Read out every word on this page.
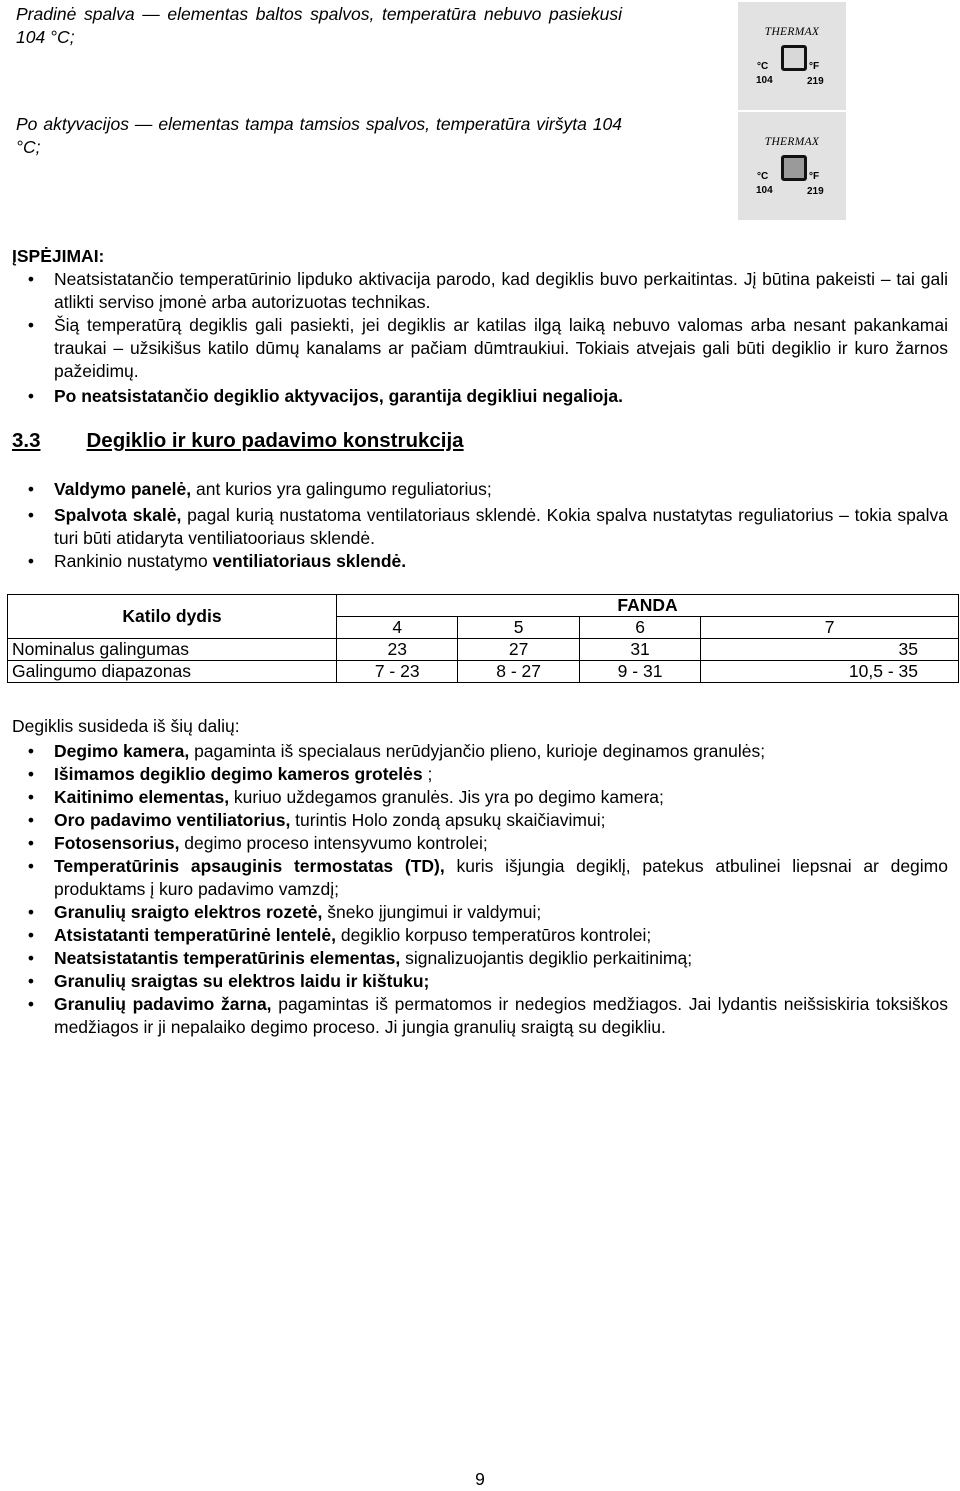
Pradinė spalva — elementas baltos spalvos, temperatūra nebuvo pasiekusi 104 °C;
Po aktyvacijos — elementas tampa tamsios spalvos, temperatūra viršyta 104 °C;
THERMAX
°C	°F
104	219
THERMAX
°C	°F
104	219
ĮSPĖJIMAI:
• Neatsistatančio temperatūrinio lipduko aktivacija parodo, kad degiklis buvo perkaitintas. Jį būtina pakeisti – tai gali atlikti serviso įmonė arba autorizuotas technikas.
• Šią temperatūrą degiklis gali pasiekti, jei degiklis ar katilas ilgą laiką nebuvo valomas arba nesant pakankamai traukai – užsikišus katilo dūmų kanalams ar pačiam dūmtraukiui. Tokiais atvejais gali būti degiklio ir kuro žarnos pažeidimų.
• Po neatsistatančio degiklio aktyvacijos, garantija degikliui negalioja.
3.3 Degiklio ir kuro padavimo konstrukcija
• Valdymo panelė, ant kurios yra galingumo reguliatorius;
• Spalvota skalė, pagal kurią nustatoma ventilatoriaus sklendė. Kokia spalva nustatytas reguliatorius – tokia spalva turi būti atidaryta ventiliatooriaus sklendė.
• Rankinio nustatymo ventiliatoriaus sklendė.
Katilo dydis	FANDA			
	4	5	6	7
Nominalus galingumas	23	27	31	35
Galingumo diapazonas	7 - 23	8 - 27	9 - 31	10,5 - 35
Degiklis susideda iš šių dalių:
• Degimo kamera, pagaminta iš specialaus nerūdyjančio plieno, kurioje deginamos granulės;
• Išimamos degiklio degimo kameros grotelės ;
• Kaitinimo elementas, kuriuo uždegamos granulės. Jis yra po degimo kamera;
• Oro padavimo ventiliatorius, turintis Holo zondą apsukų skaičiavimui;
• Fotosensorius, degimo proceso intensyvumo kontrolei;
• Temperatūrinis apsauginis termostatas (TD), kuris išjungia degiklį, patekus atbulinei liepsnai ar degimo produktams į kuro padavimo vamzdį;
• Granulių sraigto elektros rozetė, šneko įjungimui ir valdymui;
• Atsistatanti temperatūrinė lentelė, degiklio korpuso temperatūros kontrolei;
• Neatsistatantis temperatūrinis elementas, signalizuojantis degiklio perkaitinimą;
• Granulių sraigtas su elektros laidu ir kištuku;
• Granulių padavimo žarna, pagamintas iš permatomos ir nedegios medžiagos. Jai lydantis neišsiskiria toksiškos medžiagos ir ji nepalaiko degimo proceso. Ji jungia granulių sraigtą su degikliu.
9
